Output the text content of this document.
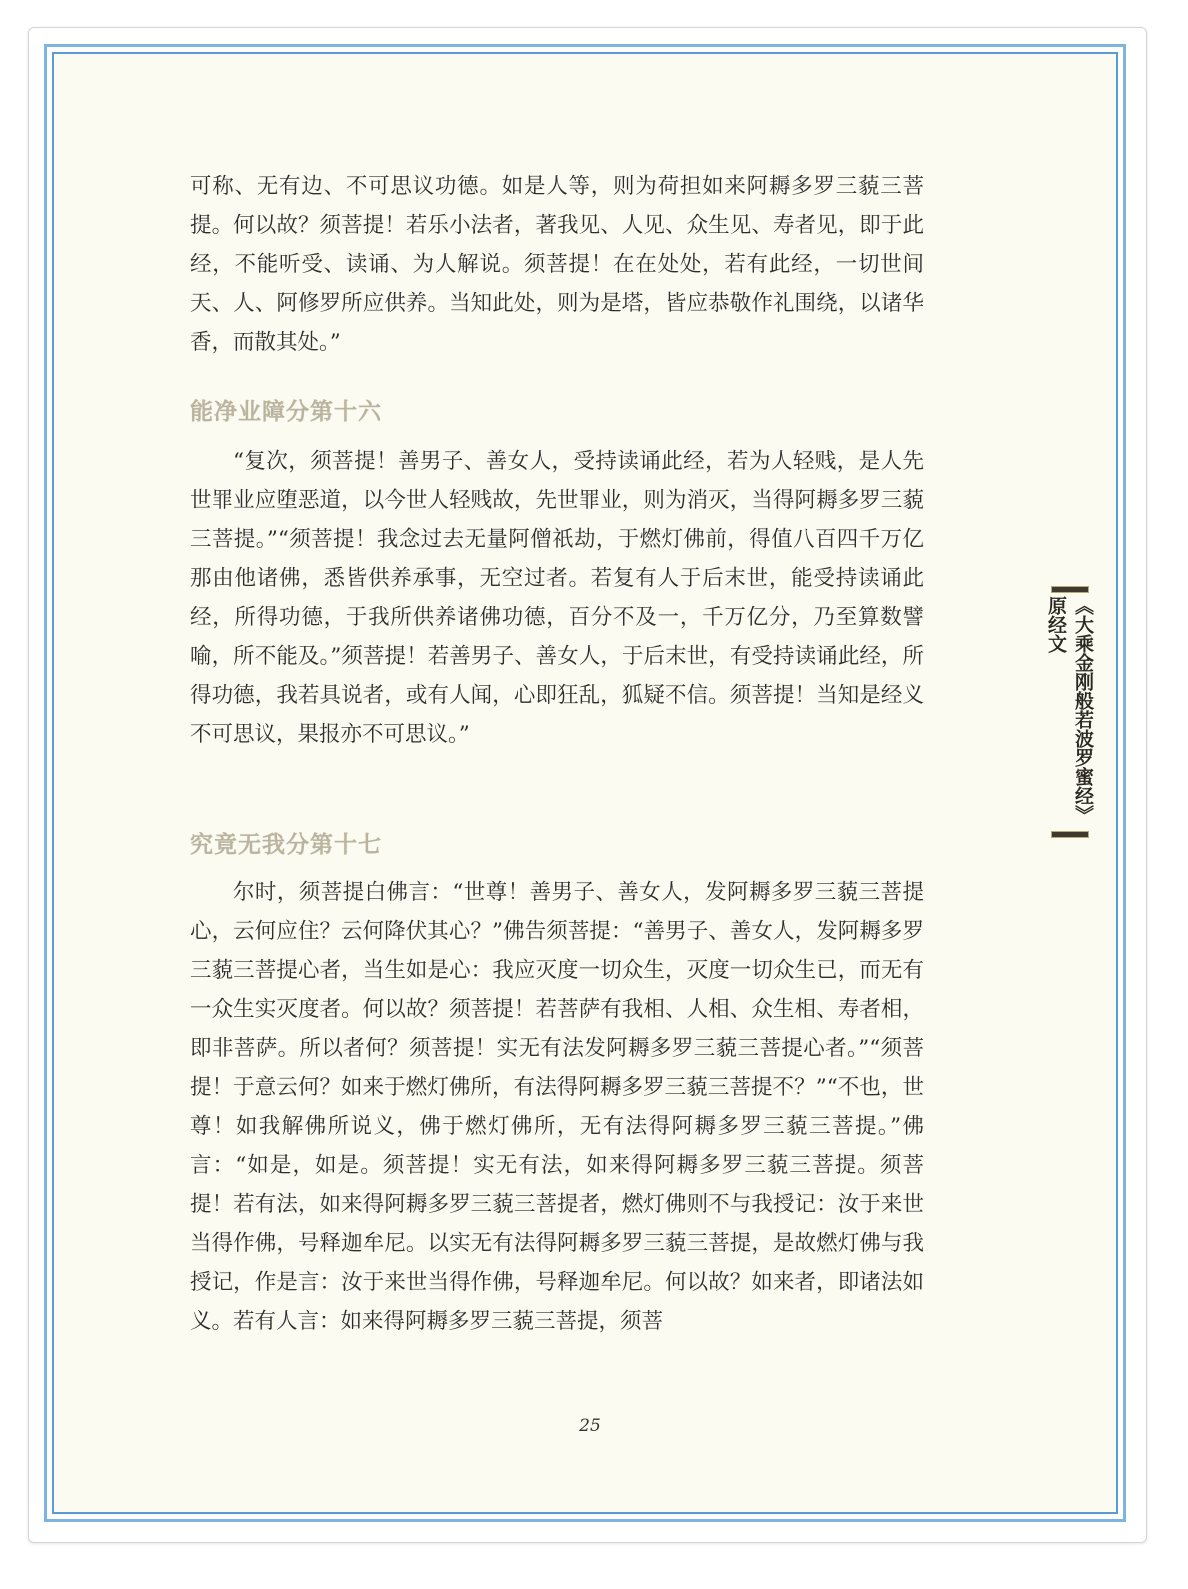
可称、无有边、不可思议功德。如是人等，则为荷担如来阿耨多罗三藐三菩提。何以故？须菩提！若乐小法者，著我见、人见、众生见、寿者见，即于此经，不能听受、读诵、为人解说。须菩提！在在处处，若有此经，一切世间天、人、阿修罗所应供养。当知此处，则为是塔，皆应恭敬作礼围绕，以诸华香，而散其处。”

能净业障分第十六

“复次，须菩提！善男子、善女人，受持读诵此经，若为人轻贱，是人先世罪业应堕恶道，以今世人轻贱故，先世罪业，则为消灭，当得阿耨多罗三藐三菩提。”“须菩提！我念过去无量阿僧祇劫，于燃灯佛前，得值八百四千万亿那由他诸佛，悉皆供养承事，无空过者。若复有人于后末世，能受持读诵此经，所得功德，于我所供养诸佛功德，百分不及一，千万亿分，乃至算数譬喻，所不能及。”须菩提！若善男子、善女人，于后末世，有受持读诵此经，所得功德，我若具说者，或有人闻，心即狂乱，狐疑不信。须菩提！当知是经义不可思议，果报亦不可思议。”

究竟无我分第十七

尔时，须菩提白佛言：“世尊！善男子、善女人，发阿耨多罗三藐三菩提心，云何应住？云何降伏其心？”佛告须菩提：“善男子、善女人，发阿耨多罗三藐三菩提心者，当生如是心：我应灭度一切众生，灭度一切众生已，而无有一众生实灭度者。何以故？须菩提！若菩萨有我相、人相、众生相、寿者相，即非菩萨。所以者何？须菩提！实无有法发阿耨多罗三藐三菩提心者。”“须菩提！于意云何？如来于燃灯佛所，有法得阿耨多罗三藐三菩提不？”“不也，世尊！如我解佛所说义，佛于燃灯佛所，无有法得阿耨多罗三藐三菩提。”佛言：“如是，如是。须菩提！实无有法，如来得阿耨多罗三藐三菩提。须菩提！若有法，如来得阿耨多罗三藐三菩提者，燃灯佛则不与我授记：汝于来世当得作佛，号释迦牟尼。以实无有法得阿耨多罗三藐三菩提，是故燃灯佛与我授记，作是言：汝于来世当得作佛，号释迦牟尼。何以故？如来者，即诸法如义。若有人言：如来得阿耨多罗三藐三菩提，须菩

《大乘金刚般若波罗蜜经》原经文
25
